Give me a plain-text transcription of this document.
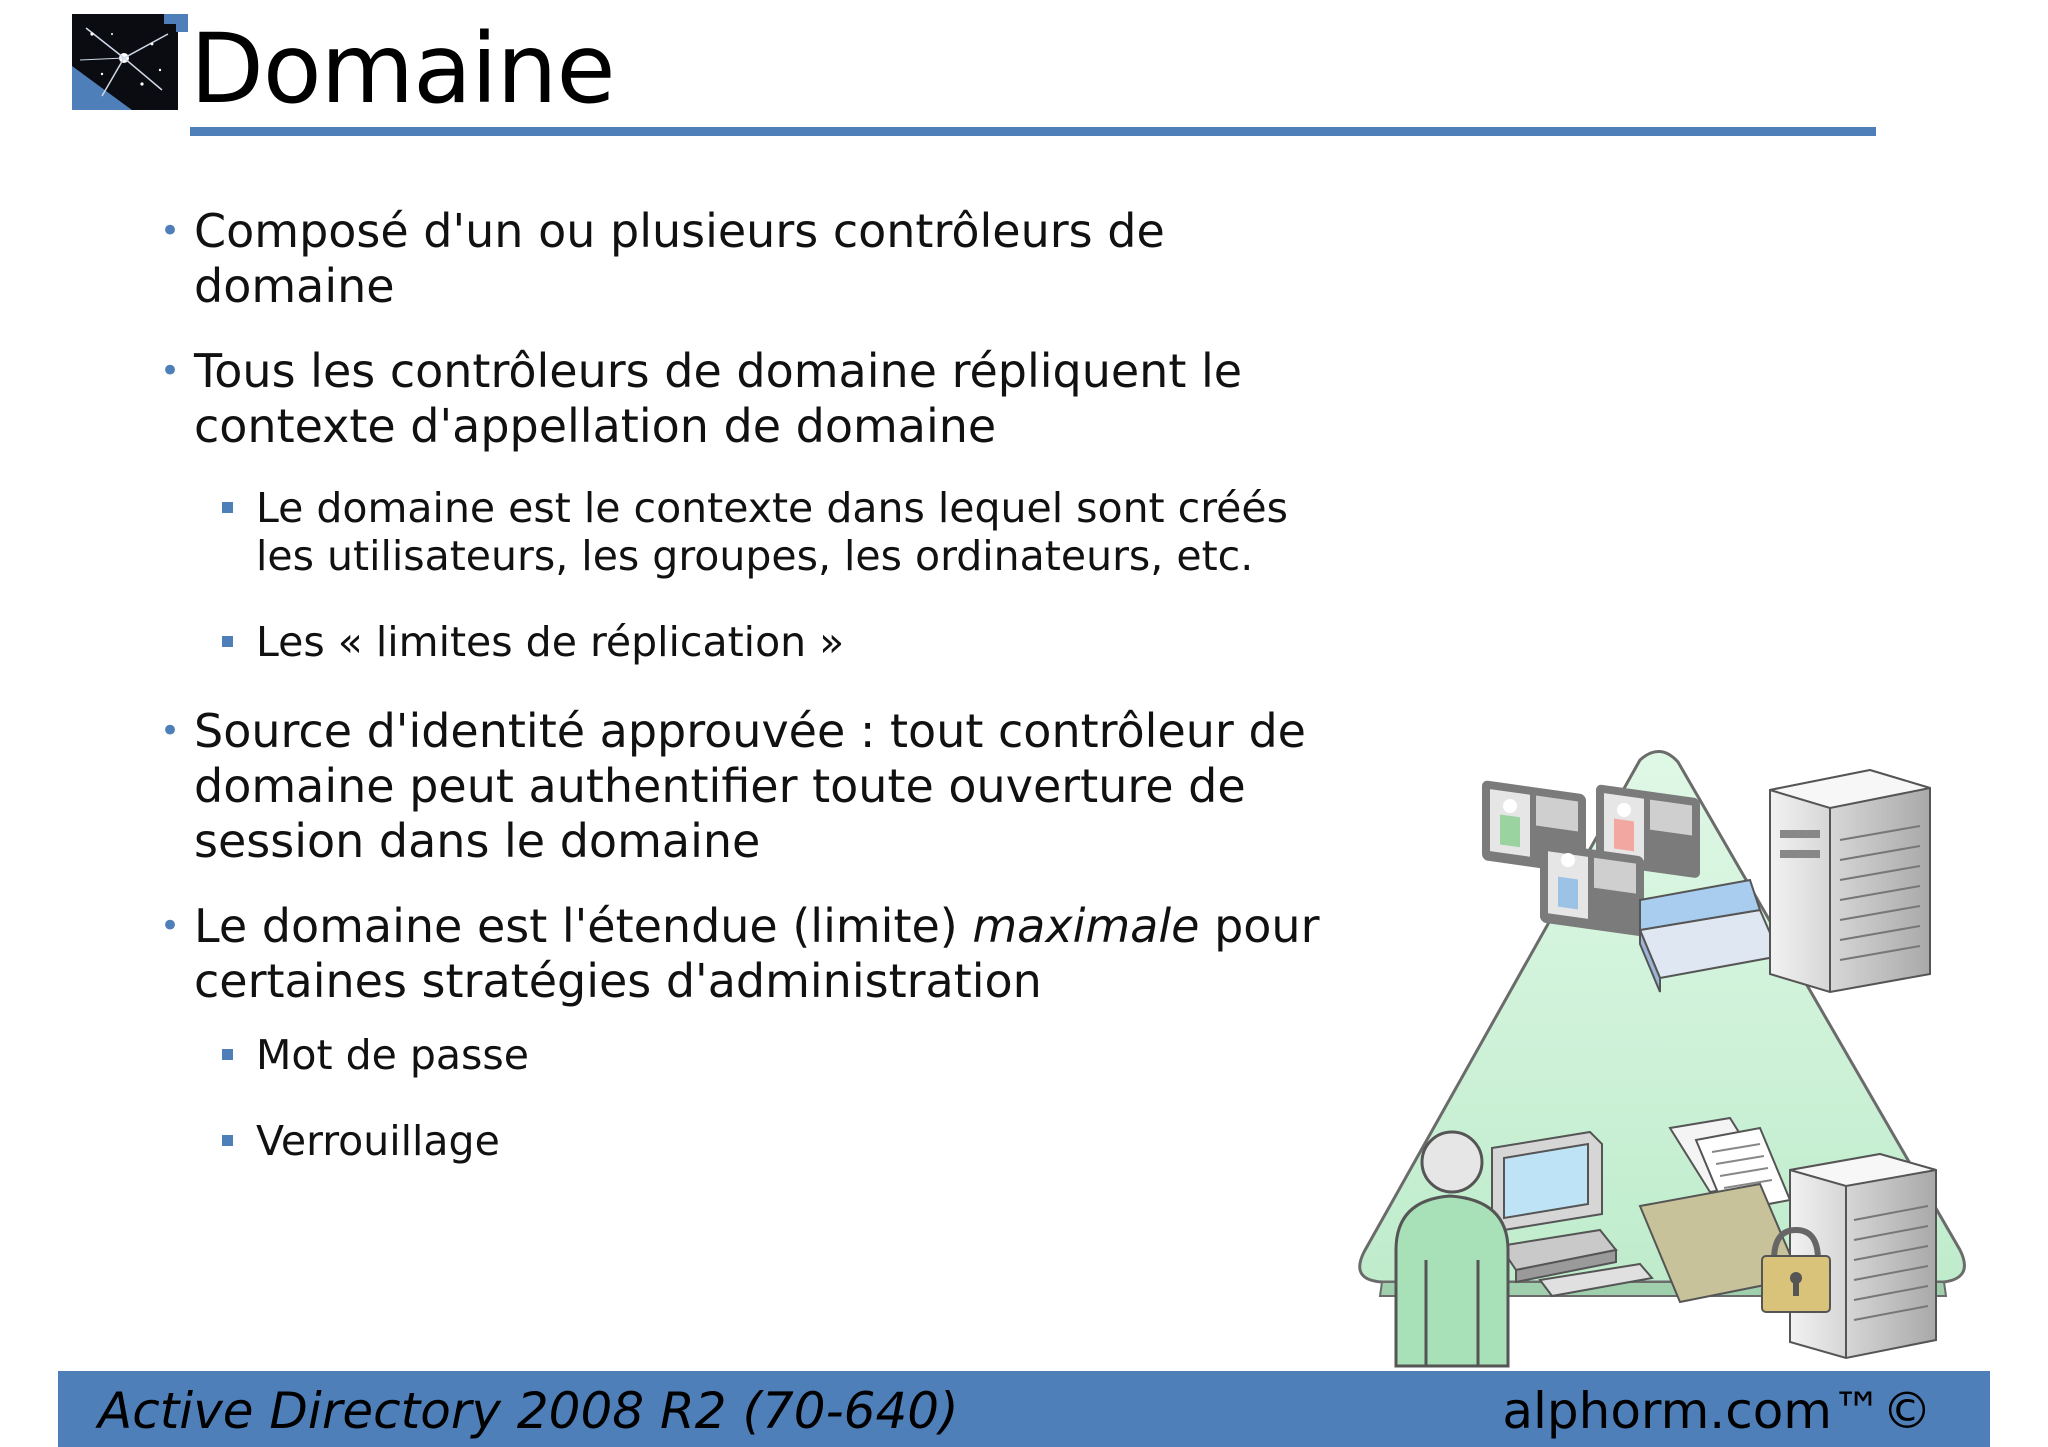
Domaine
• Composé d'un ou plusieurs contrôleurs de domaine
• Tous les contrôleurs de domaine répliquent le contexte d'appellation de domaine
Le domaine est le contexte dans lequel sont créés les utilisateurs, les groupes, les ordinateurs, etc.
Les « limites de réplication »
• Source d'identité approuvée : tout contrôleur de domaine peut authentifier toute ouverture de session dans le domaine
• Le domaine est l'étendue (limite) maximale pour certaines stratégies d'administration
Mot de passe
Verrouillage
Active Directory 2008 R2 (70-640)	alphorm.com™©
